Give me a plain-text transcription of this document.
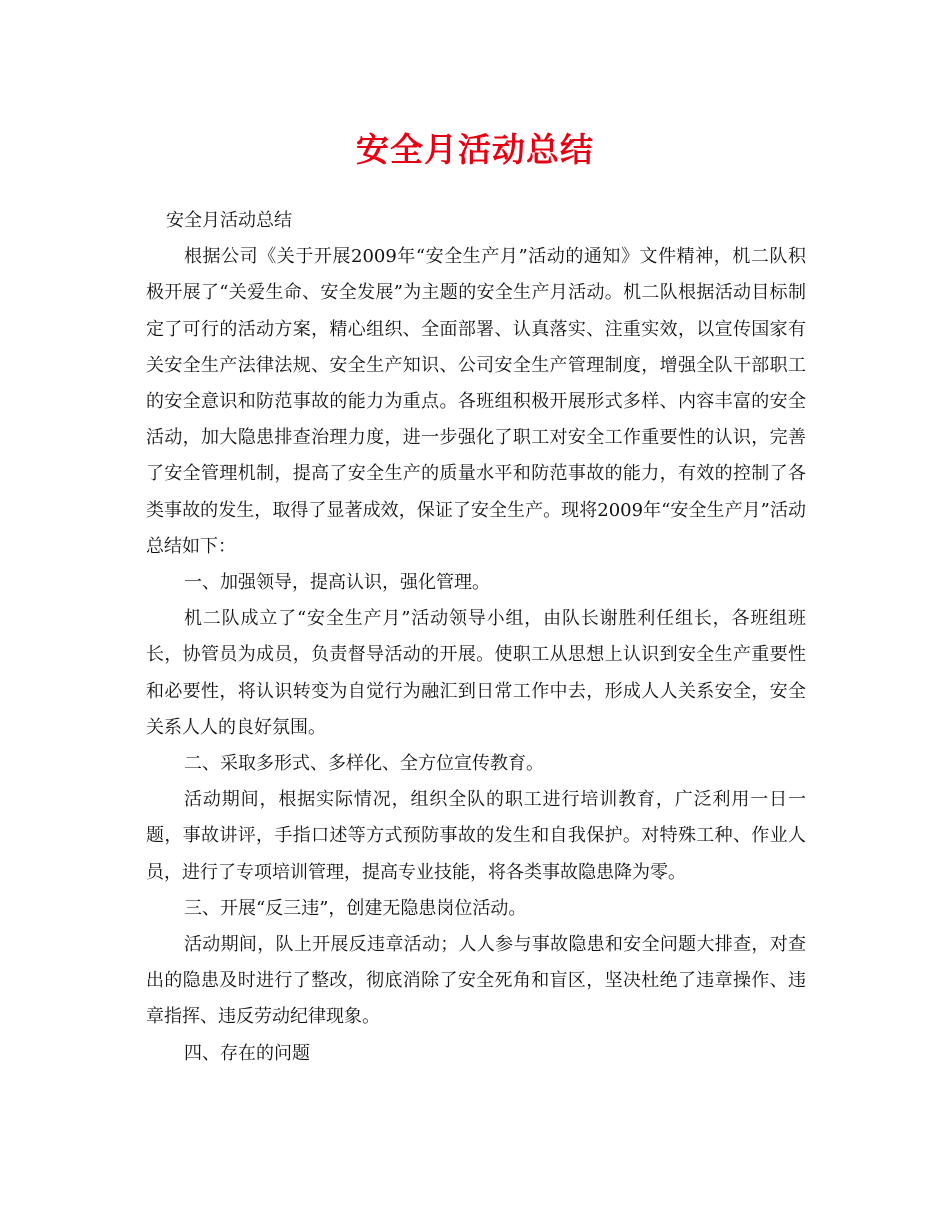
安全月活动总结

安全月活动总结

根据公司《关于开展2009年“安全生产月”活动的通知》文件精神，机二队积极开展了“关爱生命、安全发展”为主题的安全生产月活动。机二队根据活动目标制定了可行的活动方案，精心组织、全面部署、认真落实、注重实效，以宣传国家有关安全生产法律法规、安全生产知识、公司安全生产管理制度，增强全队干部职工的安全意识和防范事故的能力为重点。各班组积极开展形式多样、内容丰富的安全活动，加大隐患排查治理力度，进一步强化了职工对安全工作重要性的认识，完善了安全管理机制，提高了安全生产的质量水平和防范事故的能力，有效的控制了各类事故的发生，取得了显著成效，保证了安全生产。现将2009年“安全生产月”活动总结如下：

一、加强领导，提高认识，强化管理。

机二队成立了“安全生产月”活动领导小组，由队长谢胜利任组长，各班组班长，协管员为成员，负责督导活动的开展。使职工从思想上认识到安全生产重要性和必要性，将认识转变为自觉行为融汇到日常工作中去，形成人人关系安全，安全关系人人的良好氛围。

二、采取多形式、多样化、全方位宣传教育。

活动期间，根据实际情况，组织全队的职工进行培训教育，广泛利用一日一题，事故讲评，手指口述等方式预防事故的发生和自我保护。对特殊工种、作业人员，进行了专项培训管理，提高专业技能，将各类事故隐患降为零。

三、开展“反三违”，创建无隐患岗位活动。

活动期间，队上开展反违章活动；人人参与事故隐患和安全问题大排查，对查出的隐患及时进行了整改，彻底消除了安全死角和盲区，坚决杜绝了违章操作、违章指挥、违反劳动纪律现象。

四、存在的问题
